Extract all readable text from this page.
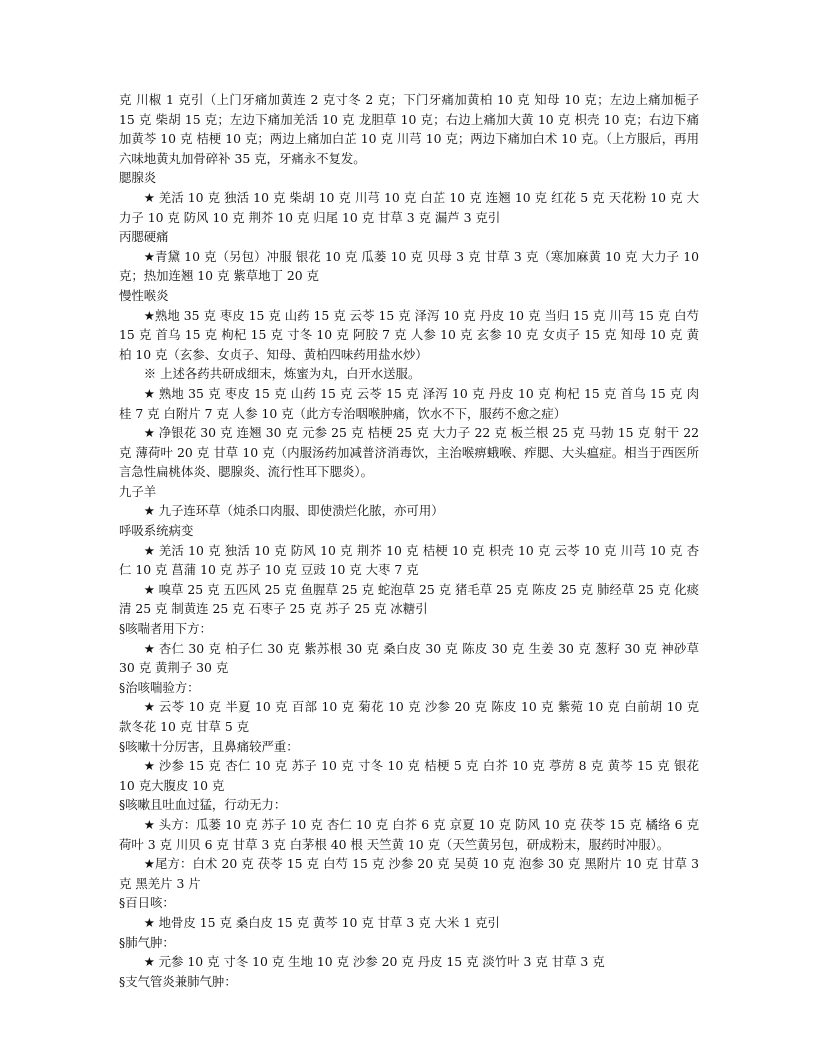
克 川椒 1 克引（上门牙痛加黄连 2 克寸冬 2 克；下门牙痛加黄柏 10 克 知母 10 克；左边上痛加栀子 15 克 柴胡 15 克；左边下痛加羌活 10 克 龙胆草 10 克；右边上痛加大黄 10 克 枳壳 10 克；右边下痛加黄芩 10 克 桔梗 10 克；两边上痛加白芷 10 克 川芎 10 克；两边下痛加白术 10 克。（上方服后，再用六味地黄丸加骨碎补 35 克，牙痛永不复发。

腮腺炎

★ 羌活 10 克 独活 10 克 柴胡 10 克 川芎 10 克 白芷 10 克 连翘 10 克 红花 5 克 天花粉 10 克 大力子 10 克 防风 10 克 荆芥 10 克 归尾 10 克 甘草 3 克 漏芦 3 克引

丙腮硬痛

★青黛 10 克（另包）冲服 银花 10 克 瓜蒌 10 克 贝母 3 克 甘草 3 克（寒加麻黄 10 克 大力子 10 克；热加连翘 10 克 紫草地丁 20 克

慢性喉炎

★熟地 35 克 枣皮 15 克 山药 15 克 云苓 15 克 泽泻 10 克 丹皮 10 克 当归 15 克 川芎 15 克 白芍 15 克 首乌 15 克 枸杞 15 克 寸冬 10 克 阿胶 7 克 人参 10 克 玄参 10 克 女贞子 15 克 知母 10 克 黄柏 10 克（玄参、女贞子、知母、黄柏四味药用盐水炒）

※ 上述各药共研成细末，炼蜜为丸，白开水送服。

★ 熟地 35 克 枣皮 15 克 山药 15 克 云苓 15 克 泽泻 10 克 丹皮 10 克 枸杞 15 克 首乌 15 克 肉桂 7 克 白附片 7 克 人参 10 克（此方专治咽喉肿痛，饮水不下，服药不愈之症）

★ 净银花 30 克 连翘 30 克 元参 25 克 桔梗 25 克 大力子 22 克 板兰根 25 克 马勃 15 克 射干 22 克 薄荷叶 20 克 甘草 10 克（内服汤药加减普济消毒饮，主治喉痹蛾喉、痄腮、大头瘟症。相当于西医所言急性扁桃体炎、腮腺炎、流行性耳下腮炎）。

九子羊

★ 九子连环草（炖杀口肉服、即使溃烂化脓，亦可用）

呼吸系统病变

★ 羌活 10 克 独活 10 克 防风 10 克 荆芥 10 克 桔梗 10 克 枳壳 10 克 云苓 10 克 川芎 10 克 杏仁 10 克 菖蒲 10 克 苏子 10 克 豆豉 10 克 大枣 7 克

★ 嗅草 25 克 五匹风 25 克 鱼腥草 25 克 蛇泡草 25 克 猪毛草 25 克 陈皮 25 克 肺经草 25 克 化痰清 25 克 制黄连 25 克 石枣子 25 克 苏子 25 克 冰糖引

§咳喘者用下方：

★ 杏仁 30 克 柏子仁 30 克 紫苏根 30 克 桑白皮 30 克 陈皮 30 克 生姜 30 克 葱籽 30 克 神砂草 30 克 黄荆子 30 克

§治咳喘验方：

★ 云苓 10 克 半夏 10 克 百部 10 克 菊花 10 克 沙参 20 克 陈皮 10 克 紫菀 10 克 白前胡 10 克 款冬花 10 克 甘草 5 克

§咳嗽十分厉害，且鼻痛较严重：

★ 沙参 15 克 杏仁 10 克 苏子 10 克 寸冬 10 克 桔梗 5 克 白芥 10 克 葶苈 8 克 黄芩 15 克 银花 10 克大腹皮 10 克

§咳嗽且吐血过猛，行动无力：

★ 头方：瓜蒌 10 克 苏子 10 克 杏仁 10 克 白芥 6 克 京夏 10 克 防风 10 克 茯苓 15 克 橘络 6 克 荷叶 3 克 川贝 6 克 甘草 3 克 白茅根 40 根 天竺黄 10 克（天竺黄另包，研成粉末，服药时冲服）。

★尾方：白术 20 克 茯苓 15 克 白芍 15 克 沙参 20 克 吴萸 10 克 泡参 30 克 黑附片 10 克 甘草 3 克 黑羌片 3 片

§百日咳：

★ 地骨皮 15 克 桑白皮 15 克 黄芩 10 克 甘草 3 克 大米 1 克引

§肺气肿：

★ 元参 10 克 寸冬 10 克 生地 10 克 沙参 20 克 丹皮 15 克 淡竹叶 3 克 甘草 3 克

§支气管炎兼肺气肿：
